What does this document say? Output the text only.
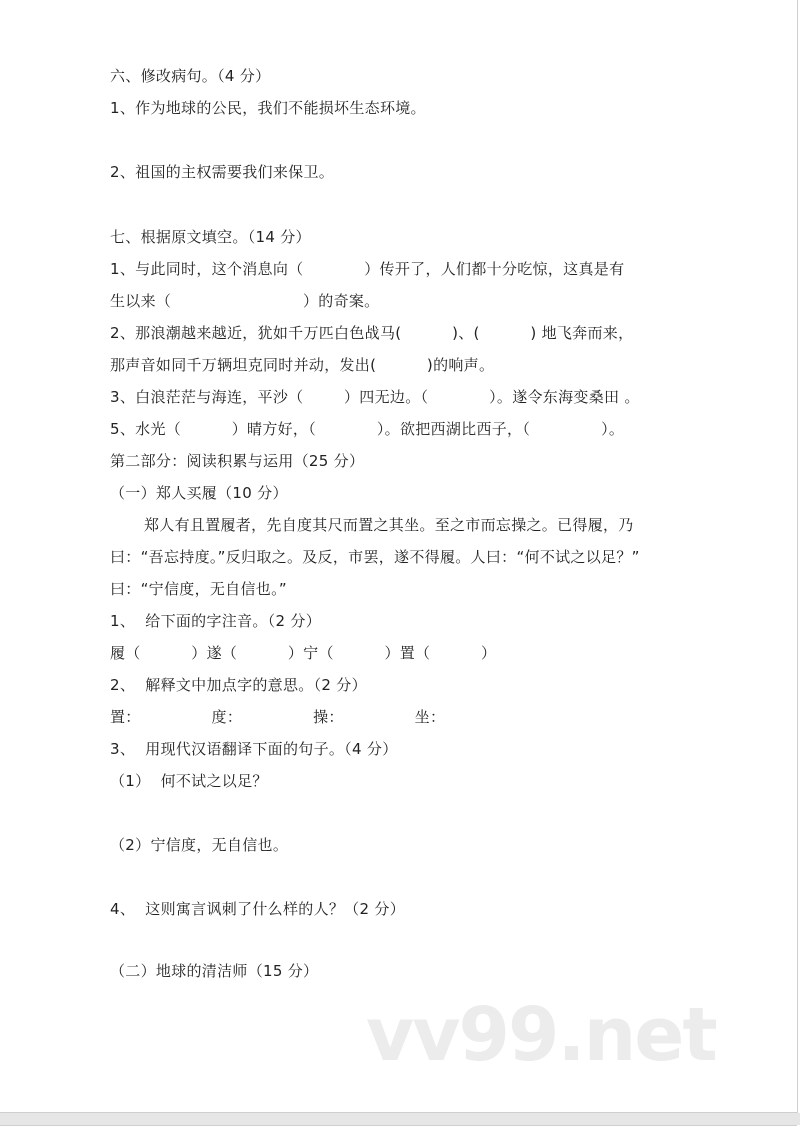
vv99.net
六、修改病句。（4 分）
1、作为地球的公民，我们不能损坏生态环境。
2、祖国的主权需要我们来保卫。
七、根据原文填空。（14 分）
1、与此同时，这个消息向（            ）传开了，人们都十分吃惊，这真是有
生以来（                          ）的奇案。
2、那浪潮越来越近，犹如千万匹白色战马(          )、(          ) 地飞奔而来，
那声音如同千万辆坦克同时并动，发出(          )的响声。
3、白浪茫茫与海连，平沙（        ）四无边。（            ）。遂令东海变桑田 。
5、水光（          ）晴方好，（            ）。欲把西湖比西子，（              ）。
第二部分：阅读积累与运用（25 分）
（一）郑人买履（10 分）
郑人有且置履者，先自度其尺而置之其坐。至之市而忘操之。已得履，乃
曰：“吾忘持度。”反归取之。及反，市罢，遂不得履。人曰：“何不试之以足？”
曰：“宁信度，无自信也。”
1、  给下面的字注音。（2 分）
履（          ）遂（          ）宁（          ）置（          ）
2、  解释文中加点字的意思。（2 分）
置：              度：              操：              坐：
3、  用现代汉语翻译下面的句子。（4 分）
（1）  何不试之以足？
（2）宁信度，无自信也。
4、  这则寓言讽刺了什么样的人？（2 分）
（二）地球的清洁师（15 分）
